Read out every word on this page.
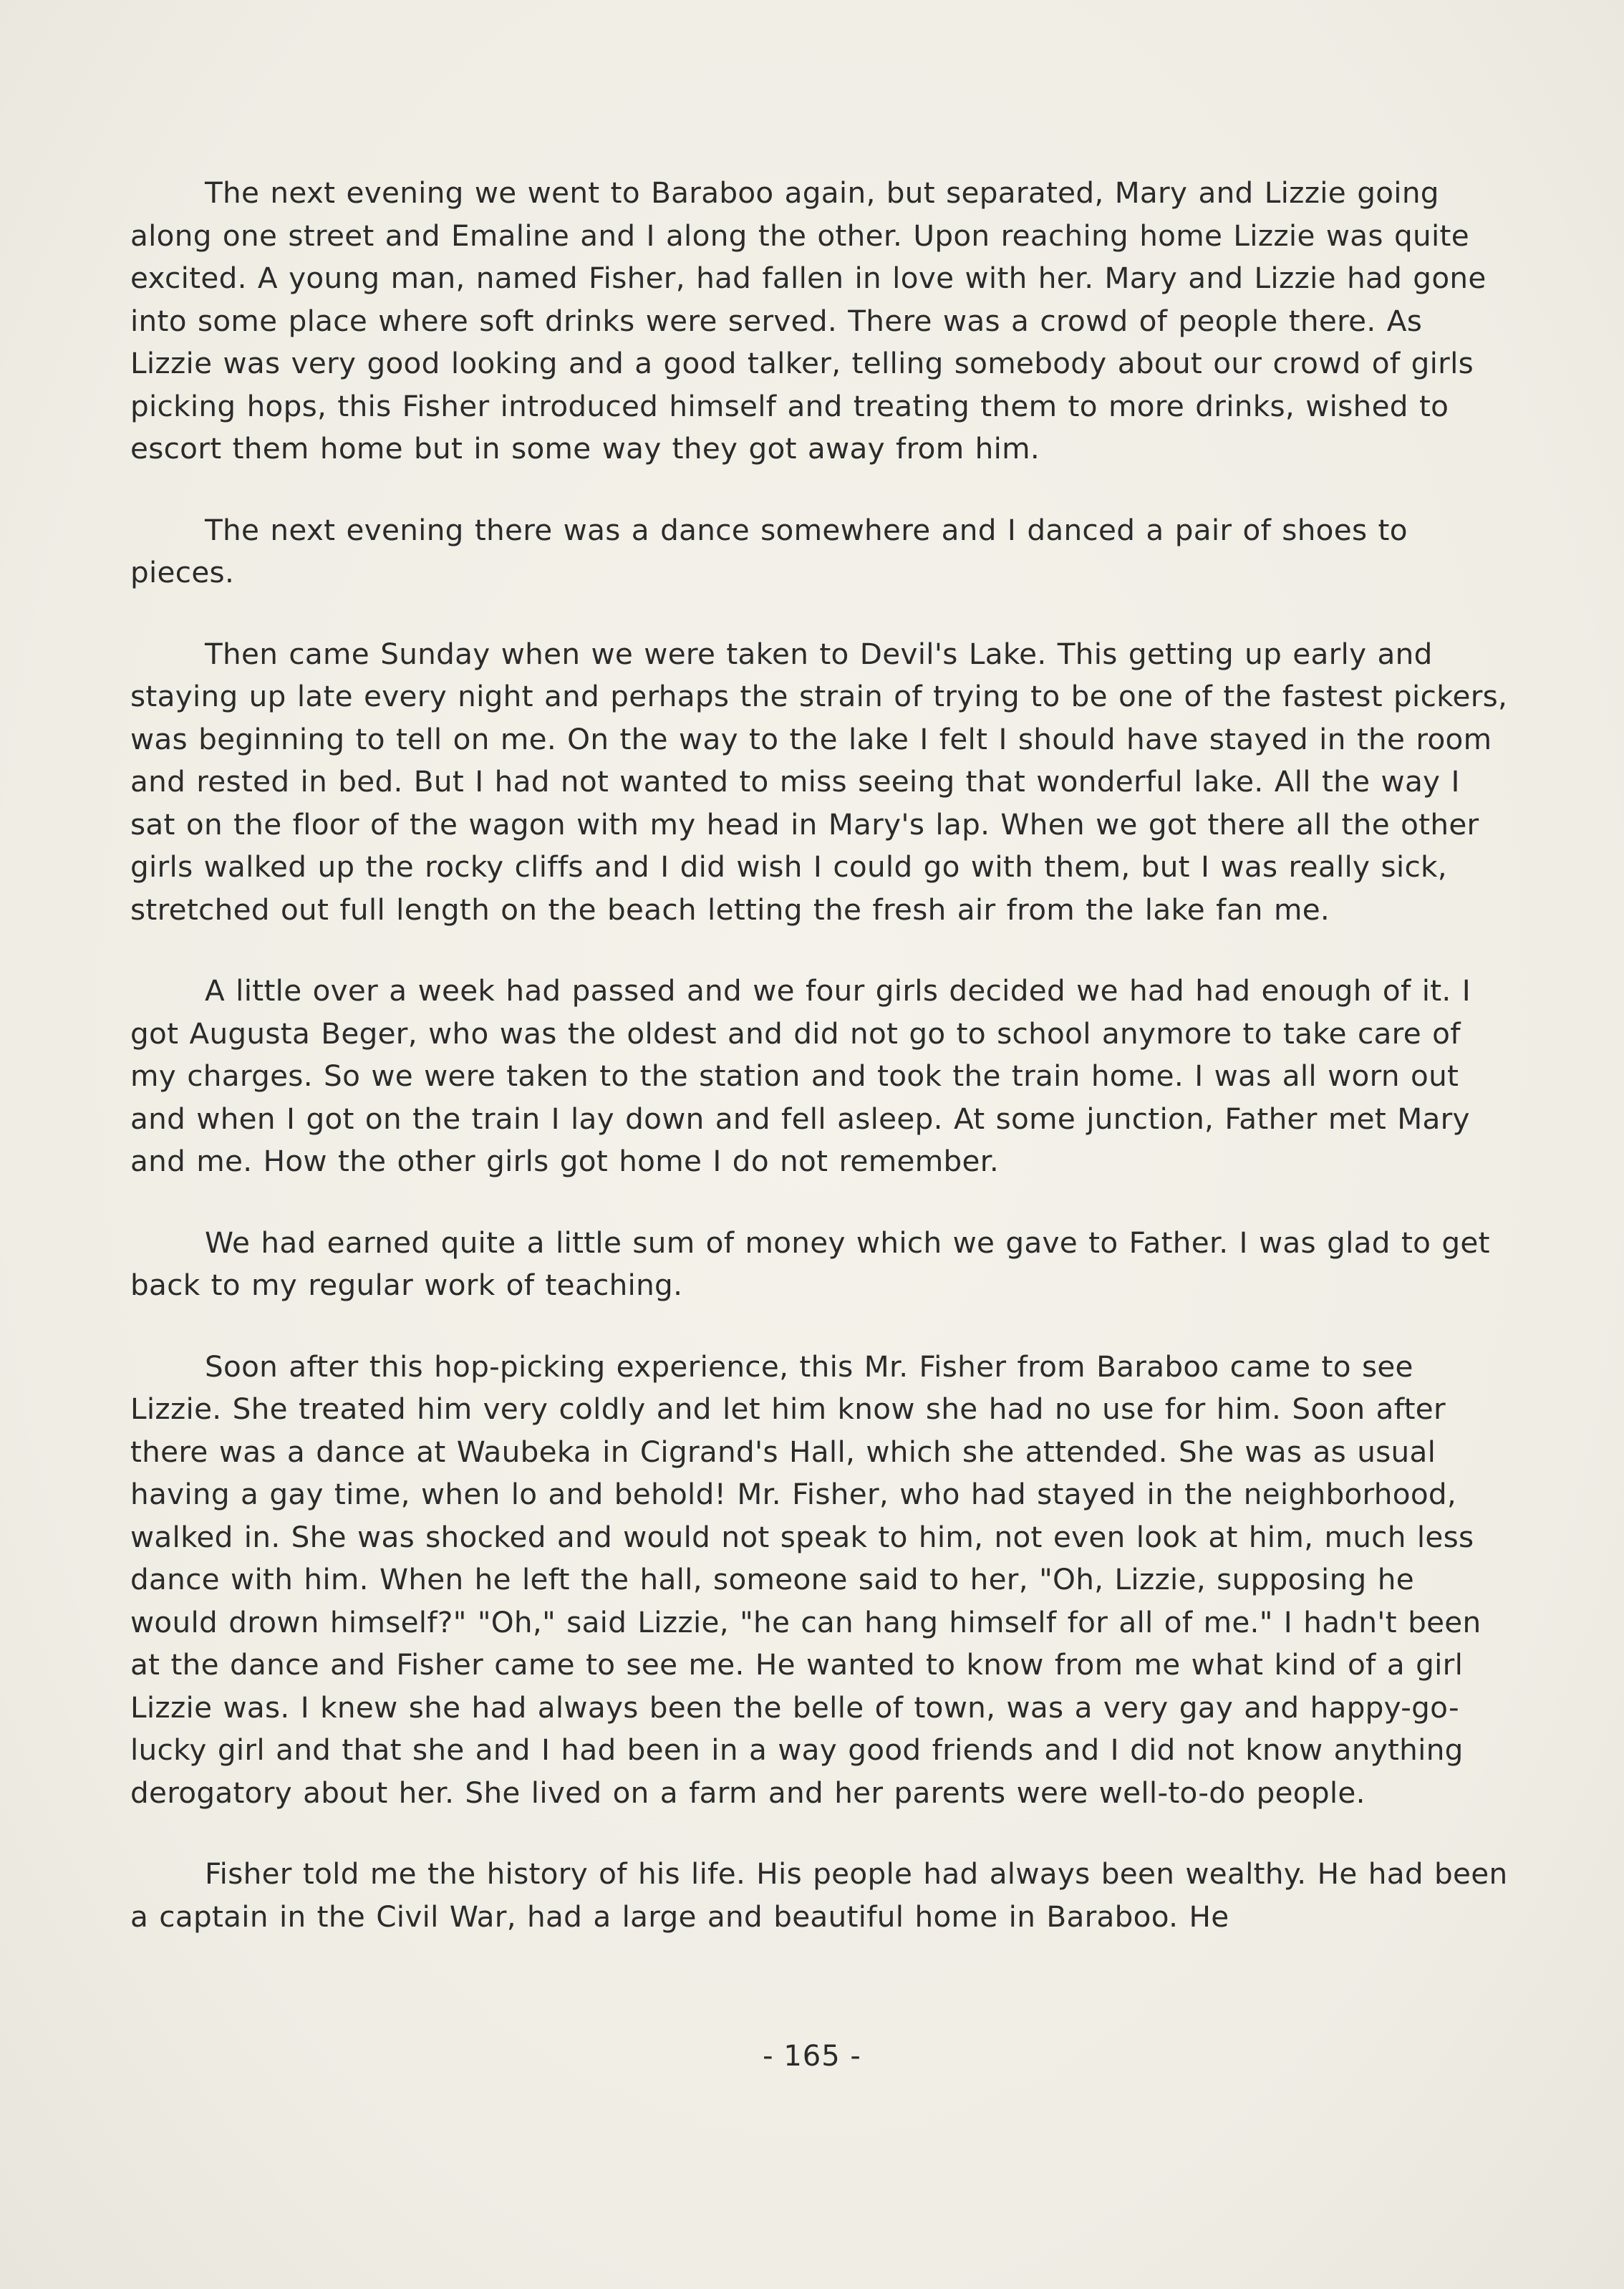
The next evening we went to Baraboo again, but separated, Mary and Lizzie going along one street and Emaline and I along the other. Upon reaching home Lizzie was quite excited. A young man, named Fisher, had fallen in love with her. Mary and Lizzie had gone into some place where soft drinks were served. There was a crowd of people there. As Lizzie was very good looking and a good talker, telling somebody about our crowd of girls picking hops, this Fisher introduced himself and treating them to more drinks, wished to escort them home but in some way they got away from him.

The next evening there was a dance somewhere and I danced a pair of shoes to pieces.

Then came Sunday when we were taken to Devil's Lake. This getting up early and staying up late every night and perhaps the strain of trying to be one of the fastest pickers, was beginning to tell on me. On the way to the lake I felt I should have stayed in the room and rested in bed. But I had not wanted to miss seeing that wonderful lake. All the way I sat on the floor of the wagon with my head in Mary's lap. When we got there all the other girls walked up the rocky cliffs and I did wish I could go with them, but I was really sick, stretched out full length on the beach letting the fresh air from the lake fan me.

A little over a week had passed and we four girls decided we had had enough of it. I got Augusta Beger, who was the oldest and did not go to school anymore to take care of my charges. So we were taken to the station and took the train home. I was all worn out and when I got on the train I lay down and fell asleep. At some junction, Father met Mary and me. How the other girls got home I do not remember.

We had earned quite a little sum of money which we gave to Father. I was glad to get back to my regular work of teaching.

Soon after this hop-picking experience, this Mr. Fisher from Baraboo came to see Lizzie. She treated him very coldly and let him know she had no use for him. Soon after there was a dance at Waubeka in Cigrand's Hall, which she attended. She was as usual having a gay time, when lo and behold! Mr. Fisher, who had stayed in the neighborhood, walked in. She was shocked and would not speak to him, not even look at him, much less dance with him. When he left the hall, someone said to her, "Oh, Lizzie, supposing he would drown himself?" "Oh," said Lizzie, "he can hang himself for all of me." I hadn't been at the dance and Fisher came to see me. He wanted to know from me what kind of a girl Lizzie was. I knew she had always been the belle of town, was a very gay and happy-go-lucky girl and that she and I had been in a way good friends and I did not know anything derogatory about her. She lived on a farm and her parents were well-to-do people.

Fisher told me the history of his life. His people had always been wealthy. He had been a captain in the Civil War, had a large and beautiful home in Baraboo. He

- 165 -
